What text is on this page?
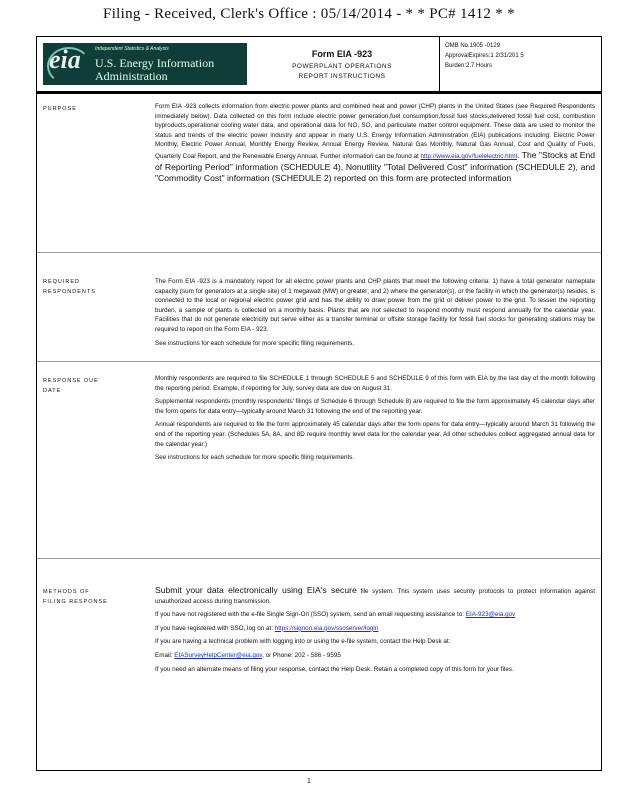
Filing - Received, Clerk's Office : 05/14/2014 - * * PC# 1412 * *
eia	Independent Statistics & Analysis
U.S. Energy Information
Administration
Form EIA -923
POWERPLANT OPERATIONS
REPORT INSTRUCTIONS
OMB No.1905 -0129
ApprovalExpires:1 2/31/201 5
Burden:2.7 Hours
PURPOSE	Form EIA -923 collects information from electric power plants and combined heat and power (CHP) plants in the United States (see Required Respondents immediately below). Data collected on this form include electric power generation,fuel consumption,fossil fuel stocks,delivered fossil fuel cost, combustion byproducts,operational cooling water data, and operational data for NO, SO, and particulate matter control equipment. These data are used to monitor the status and trends of the electric power industry and appear in many U.S. Energy Information Administration (EIA) publications including: Electric Power Monthly, Electric Power Annual, Monthly Energy Review, Annual Energy Review, Natural Gas Monthly, Natural Gas Annual, Cost and Quality of Fuels, Quarterly Coal Report, and the Renewable Energy Annual. Further information can be found at http://www.eia.gov/fuelelectric.html. The "Stocks at End of Reporting Period" information (SCHEDULE 4), Nonutility "Total Delivered Cost" information (SCHEDULE 2), and "Commodity Cost" information (SCHEDULE 2) reported on this form are protected information
REQUIRED RESPONDENTS

The Form EIA -923 is a mandatory report for all electric power plants and CHP plants that meet the following criteria: 1) have a total generator nameplate capacity (sum for generators at a single site) of 1 megawatt (MW) or greater; and 2) where the generator(s), or the facility in which the generator(s) resides, is connected to the local or regional electric power grid and has the ability to draw power from the grid or deliver power to the grid. To lessen the reporting burden, a sample of plants is collected on a monthly basis. Plants that are not selected to respond monthly must respond annually for the calendar year. Facilities that do not generate electricity but serve either as a transfer terminal or offsite storage facility for fossil fuel stocks for generating stations may be required to report on the Form EIA - 923.

See instructions for each schedule for more specific filing requirements.

RESPONSE DUE DATE

Monthly respondents are required to file SCHEDULE 1 through SCHEDULE 5 and SCHEDULE 9 of this form with EIA by the last day of the month following the reporting period. Example, if reporting for July, survey data are due on August 31.

Supplemental respondents (monthly respondents' filings of Schedule 6 through Schedule 8) are required to file the form approximately 45 calendar days after the form opens for data entry—typically around March 31 following the end of the reporting year.

Annual respondents are required to file the form approximately 45 calendar days after the form opens for data entry—typically around March 31 following the end of the reporting year. (Schedules 5A, 8A, and 8D require monthly level data for the calendar year. All other schedules collect aggregated annual data for the calendar year.)

See instructions for each schedule for more specific filing requirements.

METHODS OF FILING RESPONSE

Submit your data electronically using EIA's secure file system. This system uses security protocols to protect information against unauthorized access during transmission.

If you have not registered with the e-file Single Sign-On (SSO) system, send an email requesting assistance to: EIA-923@eia.gov

If you have registered with SSO, log on at: https://signon.eia.gov/ssoserver/login

If you are having a technical problem with logging into or using the e-file system, contact the Help Desk at:

Email: EIASurveyHelpCenter@eia.gov, or Phone: 202 - 586 - 9595

If you need an alternate means of filing your response, contact the Help Desk. Retain a completed copy of this form for your files.

1
